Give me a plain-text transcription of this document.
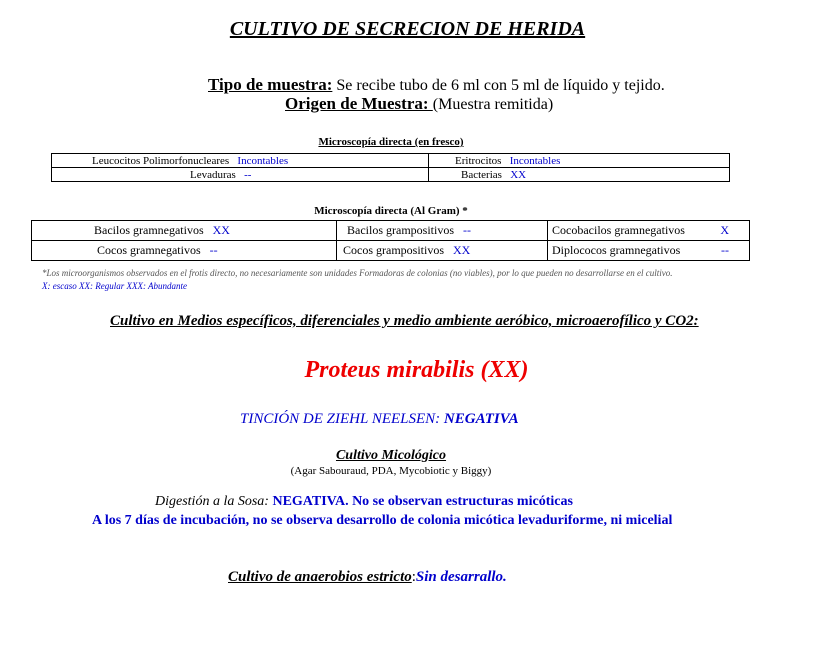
CULTIVO DE SECRECION DE HERIDA
Tipo de muestra: Se recibe tubo de 6 ml con 5 ml de líquido y tejido.
Origen de Muestra: (Muestra remitida)
Microscopía directa (en fresco)
Leucocitos Polimorfonucleares Incontables	Eritrocitos Incontables
Levaduras --	Bacterias XX
Microscopía directa (Al Gram) *
Bacilos gramnegativos XX	Bacilos grampositivos --	Cocobacilos gramnegativos X

Cocos gramnegativos --	Cocos grampositivos XX	Diplococos gramnegativos --
*Los microorganismos observados en el frotis directo, no necesariamente son unidades Formadoras de colonias (no viables), por lo que pueden no desarrollarse en el cultivo.
X: escaso XX: Regular XXX: Abundante
Cultivo en Medios específicos, diferenciales y medio ambiente aeróbico, microaerofílico y CO2:
Proteus mirabilis (XX)
TINCIÓN DE ZIEHL NEELSEN: NEGATIVA
Cultivo Micológico
(Agar Sabouraud, PDA, Mycobiotic y Biggy)
Digestión a la Sosa: NEGATIVA. No se observan estructuras micóticas
A los 7 días de incubación, no se observa desarrollo de colonia micótica levaduriforme, ni micelial
Cultivo de anaerobios estricto:Sin desarrallo.
